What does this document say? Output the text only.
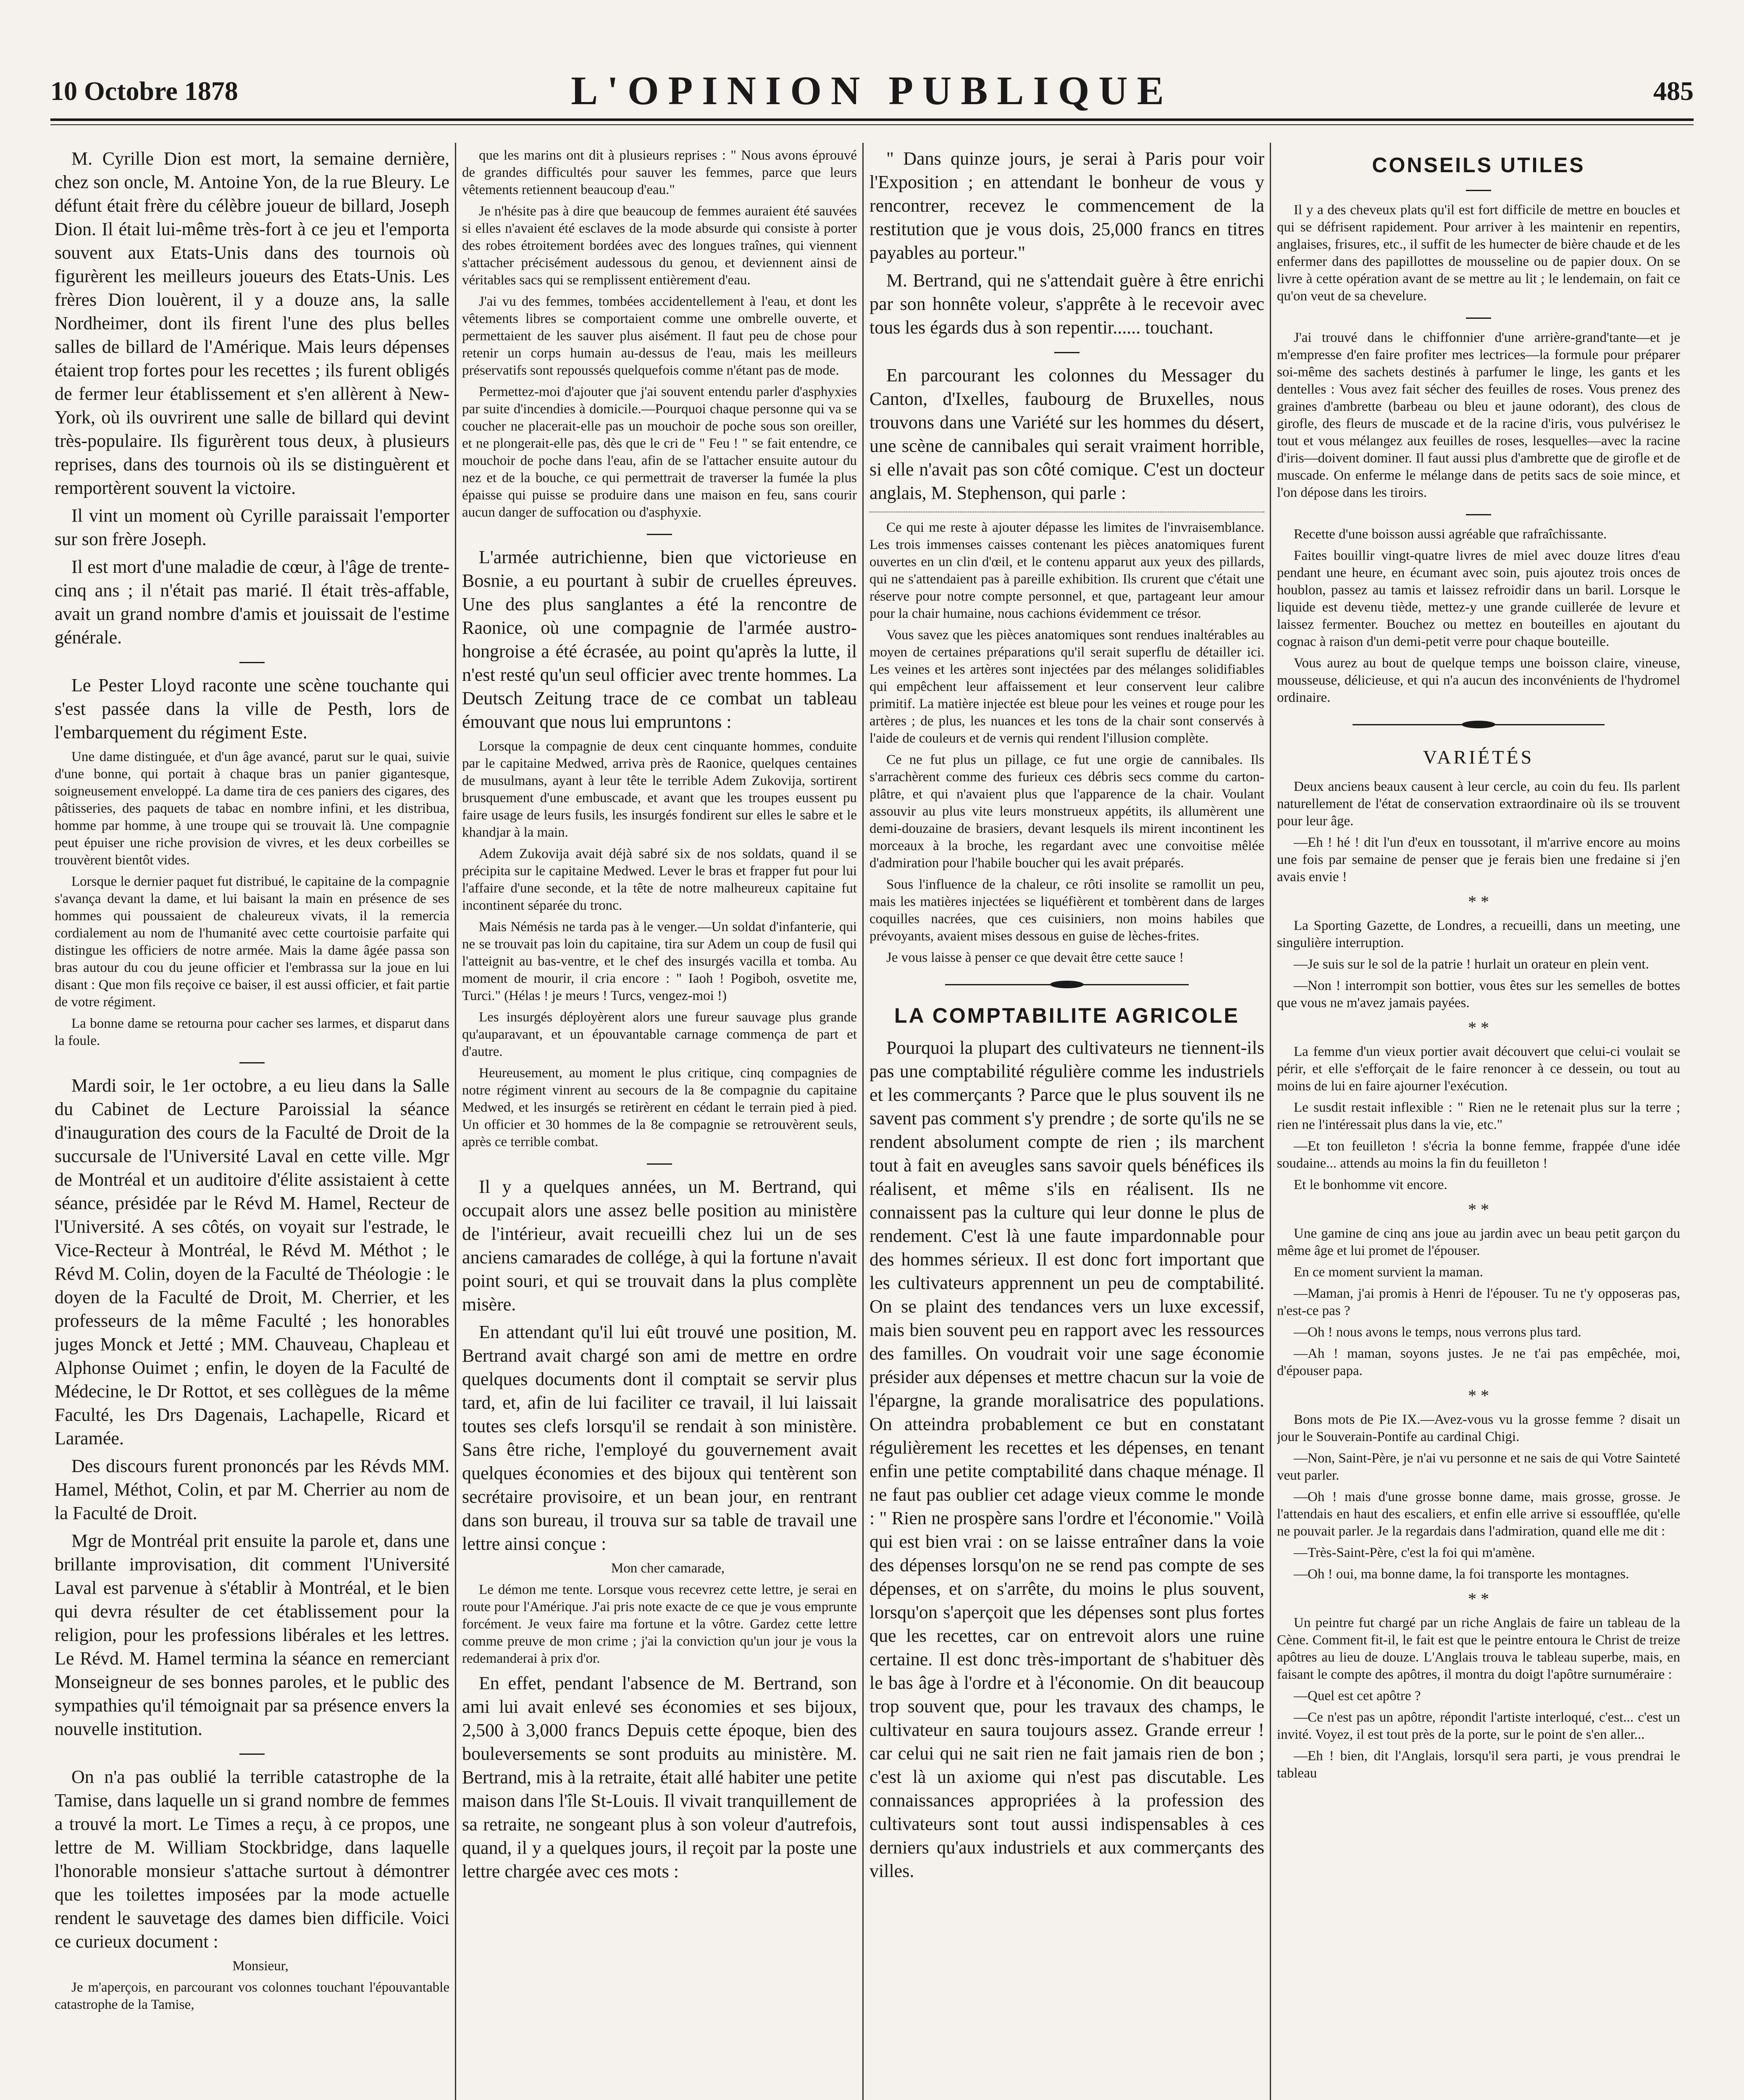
10 Octobre 1878	L'OPINION PUBLIQUE	485

M. Cyrille Dion est mort, la semaine dernière, chez son oncle, M. Antoine Yon, de la rue Bleury. Le défunt était frère du célèbre joueur de billard, Joseph Dion. Il était lui-même très-fort à ce jeu et l'emporta souvent aux Etats-Unis dans des tournois où figurèrent les meilleurs joueurs des Etats-Unis. Les frères Dion louèrent, il y a douze ans, la salle Nordheimer, dont ils firent l'une des plus belles salles de billard de l'Amérique. Mais leurs dépenses étaient trop fortes pour les recettes ; ils furent obligés de fermer leur établissement et s'en allèrent à New-York, où ils ouvrirent une salle de billard qui devint très-populaire. Ils figurèrent tous deux, à plusieurs reprises, dans des tournois où ils se distinguèrent et remportèrent souvent la victoire.

Il vint un moment où Cyrille paraissait l'emporter sur son frère Joseph.

Il est mort d'une maladie de cœur, à l'âge de trente-cinq ans ; il n'était pas marié. Il était très-affable, avait un grand nombre d'amis et jouissait de l'estime générale.

Le Pester Lloyd raconte une scène touchante qui s'est passée dans la ville de Pesth, lors de l'embarquement du régiment Este.

Une dame distinguée, et d'un âge avancé, parut sur le quai, suivie d'une bonne, qui portait à chaque bras un panier gigantesque, soigneusement enveloppé. La dame tira de ces paniers des cigares, des pâtisseries, des paquets de tabac en nombre infini, et les distribua, homme par homme, à une troupe qui se trouvait là. Une compagnie peut épuiser une riche provision de vivres, et les deux corbeilles se trouvèrent bientôt vides.

Lorsque le dernier paquet fut distribué, le capitaine de la compagnie s'avança devant la dame, et lui baisant la main en présence de ses hommes qui poussaient de chaleureux vivats, il la remercia cordialement au nom de l'humanité avec cette courtoisie parfaite qui distingue les officiers de notre armée. Mais la dame âgée passa son bras autour du cou du jeune officier et l'embrassa sur la joue en lui disant : Que mon fils reçoive ce baiser, il est aussi officier, et fait partie de votre régiment.

La bonne dame se retourna pour cacher ses larmes, et disparut dans la foule.

Mardi soir, le 1er octobre, a eu lieu dans la Salle du Cabinet de Lecture Paroissial la séance d'inauguration des cours de la Faculté de Droit de la succursale de l'Université Laval en cette ville. Mgr de Montréal et un auditoire d'élite assistaient à cette séance, présidée par le Révd M. Hamel, Recteur de l'Université. A ses côtés, on voyait sur l'estrade, le Vice-Recteur à Montréal, le Révd M. Méthot ; le Révd M. Colin, doyen de la Faculté de Théologie : le doyen de la Faculté de Droit, M. Cherrier, et les professeurs de la même Faculté ; les honorables juges Monck et Jetté ; MM. Chauveau, Chapleau et Alphonse Ouimet ; enfin, le doyen de la Faculté de Médecine, le Dr Rottot, et ses collègues de la même Faculté, les Drs Dagenais, Lachapelle, Ricard et Laramée.

Des discours furent prononcés par les Révds MM. Hamel, Méthot, Colin, et par M. Cherrier au nom de la Faculté de Droit.

Mgr de Montréal prit ensuite la parole et, dans une brillante improvisation, dit comment l'Université Laval est parvenue à s'établir à Montréal, et le bien qui devra résulter de cet établissement pour la religion, pour les professions libérales et les lettres. Le Révd. M. Hamel termina la séance en remerciant Monseigneur de ses bonnes paroles, et le public des sympathies qu'il témoignait par sa présence envers la nouvelle institution.

On n'a pas oublié la terrible catastrophe de la Tamise, dans laquelle un si grand nombre de femmes a trouvé la mort. Le Times a reçu, à ce propos, une lettre de M. William Stockbridge, dans laquelle l'honorable monsieur s'attache surtout à démontrer que les toilettes imposées par la mode actuelle rendent le sauvetage des dames bien difficile. Voici ce curieux document :

Monsieur,

Je m'aperçois, en parcourant vos colonnes touchant l'épouvantable catastrophe de la Tamise,

que les marins ont dit à plusieurs reprises : " Nous avons éprouvé de grandes difficultés pour sauver les femmes, parce que leurs vêtements retiennent beaucoup d'eau."

Je n'hésite pas à dire que beaucoup de femmes auraient été sauvées si elles n'avaient été esclaves de la mode absurde qui consiste à porter des robes étroitement bordées avec des longues traînes, qui viennent s'attacher précisément audessous du genou, et deviennent ainsi de véritables sacs qui se remplissent entièrement d'eau.

J'ai vu des femmes, tombées accidentellement à l'eau, et dont les vêtements libres se comportaient comme une ombrelle ouverte, et permettaient de les sauver plus aisément. Il faut peu de chose pour retenir un corps humain au-dessus de l'eau, mais les meilleurs préservatifs sont repoussés quelquefois comme n'étant pas de mode.

Permettez-moi d'ajouter que j'ai souvent entendu parler d'asphyxies par suite d'incendies à domicile.—Pourquoi chaque personne qui va se coucher ne placerait-elle pas un mouchoir de poche sous son oreiller, et ne plongerait-elle pas, dès que le cri de " Feu ! " se fait entendre, ce mouchoir de poche dans l'eau, afin de se l'attacher ensuite autour du nez et de la bouche, ce qui permettrait de traverser la fumée la plus épaisse qui puisse se produire dans une maison en feu, sans courir aucun danger de suffocation ou d'asphyxie.

L'armée autrichienne, bien que victorieuse en Bosnie, a eu pourtant à subir de cruelles épreuves. Une des plus sanglantes a été la rencontre de Raonice, où une compagnie de l'armée austro-hongroise a été écrasée, au point qu'après la lutte, il n'est resté qu'un seul officier avec trente hommes. La Deutsch Zeitung trace de ce combat un tableau émouvant que nous lui empruntons :

Lorsque la compagnie de deux cent cinquante hommes, conduite par le capitaine Medwed, arriva près de Raonice, quelques centaines de musulmans, ayant à leur tête le terrible Adem Zukovija, sortirent brusquement d'une embuscade, et avant que les troupes eussent pu faire usage de leurs fusils, les insurgés fondirent sur elles le sabre et le khandjar à la main.

Adem Zukovija avait déjà sabré six de nos soldats, quand il se précipita sur le capitaine Medwed. Lever le bras et frapper fut pour lui l'affaire d'une seconde, et la tête de notre malheureux capitaine fut incontinent séparée du tronc.

Mais Némésis ne tarda pas à le venger.—Un soldat d'infanterie, qui ne se trouvait pas loin du capitaine, tira sur Adem un coup de fusil qui l'atteignit au bas-ventre, et le chef des insurgés vacilla et tomba. Au moment de mourir, il cria encore : " Iaoh ! Pogiboh, osvetite me, Turci." (Hélas ! je meurs ! Turcs, vengez-moi !)

Les insurgés déployèrent alors une fureur sauvage plus grande qu'auparavant, et un épouvantable carnage commença de part et d'autre.

Heureusement, au moment le plus critique, cinq compagnies de notre régiment vinrent au secours de la 8e compagnie du capitaine Medwed, et les insurgés se retirèrent en cédant le terrain pied à pied. Un officier et 30 hommes de la 8e compagnie se retrouvèrent seuls, après ce terrible combat.

Il y a quelques années, un M. Bertrand, qui occupait alors une assez belle position au ministère de l'intérieur, avait recueilli chez lui un de ses anciens camarades de collége, à qui la fortune n'avait point souri, et qui se trouvait dans la plus complète misère.

En attendant qu'il lui eût trouvé une position, M. Bertrand avait chargé son ami de mettre en ordre quelques documents dont il comptait se servir plus tard, et, afin de lui faciliter ce travail, il lui laissait toutes ses clefs lorsqu'il se rendait à son ministère. Sans être riche, l'employé du gouvernement avait quelques économies et des bijoux qui tentèrent son secrétaire provisoire, et un bean jour, en rentrant dans son bureau, il trouva sur sa table de travail une lettre ainsi conçue :

Mon cher camarade,

Le démon me tente. Lorsque vous recevrez cette lettre, je serai en route pour l'Amérique. J'ai pris note exacte de ce que je vous emprunte forcément. Je veux faire ma fortune et la vôtre. Gardez cette lettre comme preuve de mon crime ; j'ai la conviction qu'un jour je vous la redemanderai à prix d'or.

En effet, pendant l'absence de M. Bertrand, son ami lui avait enlevé ses économies et ses bijoux, 2,500 à 3,000 francs Depuis cette époque, bien des bouleversements se sont produits au ministère. M. Bertrand, mis à la retraite, était allé habiter une petite maison dans l'île St-Louis. Il vivait tranquillement de sa retraite, ne songeant plus à son voleur d'autrefois, quand, il y a quelques jours, il reçoit par la poste une lettre chargée avec ces mots :

" Dans quinze jours, je serai à Paris pour voir l'Exposition ; en attendant le bonheur de vous y rencontrer, recevez le commencement de la restitution que je vous dois, 25,000 francs en titres payables au porteur."

M. Bertrand, qui ne s'attendait guère à être enrichi par son honnête voleur, s'apprête à le recevoir avec tous les égards dus à son repentir...... touchant.

En parcourant les colonnes du Messager du Canton, d'Ixelles, faubourg de Bruxelles, nous trouvons dans une Variété sur les hommes du désert, une scène de cannibales qui serait vraiment horrible, si elle n'avait pas son côté comique. C'est un docteur anglais, M. Stephenson, qui parle :

Ce qui me reste à ajouter dépasse les limites de l'invraisemblance. Les trois immenses caisses contenant les pièces anatomiques furent ouvertes en un clin d'œil, et le contenu apparut aux yeux des pillards, qui ne s'attendaient pas à pareille exhibition. Ils crurent que c'était une réserve pour notre compte personnel, et que, partageant leur amour pour la chair humaine, nous cachions évidemment ce trésor.

Vous savez que les pièces anatomiques sont rendues inaltérables au moyen de certaines préparations qu'il serait superflu de détailler ici. Les veines et les artères sont injectées par des mélanges solidifiables qui empêchent leur affaissement et leur conservent leur calibre primitif. La matière injectée est bleue pour les veines et rouge pour les artères ; de plus, les nuances et les tons de la chair sont conservés à l'aide de couleurs et de vernis qui rendent l'illusion complète.

Ce ne fut plus un pillage, ce fut une orgie de cannibales. Ils s'arrachèrent comme des furieux ces débris secs comme du carton-plâtre, et qui n'avaient plus que l'apparence de la chair. Voulant assouvir au plus vite leurs monstrueux appétits, ils allumèrent une demi-douzaine de brasiers, devant lesquels ils mirent incontinent les morceaux à la broche, les regardant avec une convoitise mêlée d'admiration pour l'habile boucher qui les avait préparés.

Sous l'influence de la chaleur, ce rôti insolite se ramollit un peu, mais les matières injectées se liquéfièrent et tombèrent dans de larges coquilles nacrées, que ces cuisiniers, non moins habiles que prévoyants, avaient mises dessous en guise de lèches-frites.

Je vous laisse à penser ce que devait être cette sauce !

LA COMPTABILITE AGRICOLE

Pourquoi la plupart des cultivateurs ne tiennent-ils pas une comptabilité régulière comme les industriels et les commerçants ? Parce que le plus souvent ils ne savent pas comment s'y prendre ; de sorte qu'ils ne se rendent absolument compte de rien ; ils marchent tout à fait en aveugles sans savoir quels bénéfices ils réalisent, et même s'ils en réalisent. Ils ne connaissent pas la culture qui leur donne le plus de rendement. C'est là une faute impardonnable pour des hommes sérieux. Il est donc fort important que les cultivateurs apprennent un peu de comptabilité. On se plaint des tendances vers un luxe excessif, mais bien souvent peu en rapport avec les ressources des familles. On voudrait voir une sage économie présider aux dépenses et mettre chacun sur la voie de l'épargne, la grande moralisatrice des populations. On atteindra probablement ce but en constatant régulièrement les recettes et les dépenses, en tenant enfin une petite comptabilité dans chaque ménage. Il ne faut pas oublier cet adage vieux comme le monde : " Rien ne prospère sans l'ordre et l'économie." Voilà qui est bien vrai : on se laisse entraîner dans la voie des dépenses lorsqu'on ne se rend pas compte de ses dépenses, et on s'arrête, du moins le plus souvent, lorsqu'on s'aperçoit que les dépenses sont plus fortes que les recettes, car on entrevoit alors une ruine certaine. Il est donc très-important de s'habituer dès le bas âge à l'ordre et à l'économie. On dit beaucoup trop souvent que, pour les travaux des champs, le cultivateur en saura toujours assez. Grande erreur ! car celui qui ne sait rien ne fait jamais rien de bon ; c'est là un axiome qui n'est pas discutable. Les connaissances appropriées à la profession des cultivateurs sont tout aussi indispensables à ces derniers qu'aux industriels et aux commerçants des villes.

CONSEILS UTILES

Il y a des cheveux plats qu'il est fort difficile de mettre en boucles et qui se défrisent rapidement. Pour arriver à les maintenir en repentirs, anglaises, frisures, etc., il suffit de les humecter de bière chaude et de les enfermer dans des papillottes de mousseline ou de papier doux. On se livre à cette opération avant de se mettre au lit ; le lendemain, on fait ce qu'on veut de sa chevelure.

J'ai trouvé dans le chiffonnier d'une arrière-grand'tante—et je m'empresse d'en faire profiter mes lectrices—la formule pour préparer soi-même des sachets destinés à parfumer le linge, les gants et les dentelles : Vous avez fait sécher des feuilles de roses. Vous prenez des graines d'ambrette (barbeau ou bleu et jaune odorant), des clous de girofle, des fleurs de muscade et de la racine d'iris, vous pulvérisez le tout et vous mélangez aux feuilles de roses, lesquelles—avec la racine d'iris—doivent dominer. Il faut aussi plus d'ambrette que de girofle et de muscade. On enferme le mélange dans de petits sacs de soie mince, et l'on dépose dans les tiroirs.

Recette d'une boisson aussi agréable que rafraîchissante.

Faites bouillir vingt-quatre livres de miel avec douze litres d'eau pendant une heure, en écumant avec soin, puis ajoutez trois onces de houblon, passez au tamis et laissez refroidir dans un baril. Lorsque le liquide est devenu tiède, mettez-y une grande cuillerée de levure et laissez fermenter. Bouchez ou mettez en bouteilles en ajoutant du cognac à raison d'un demi-petit verre pour chaque bouteille.

Vous aurez au bout de quelque temps une boisson claire, vineuse, mousseuse, délicieuse, et qui n'a aucun des inconvénients de l'hydromel ordinaire.

VARIÉTÉS

Deux anciens beaux causent à leur cercle, au coin du feu. Ils parlent naturellement de l'état de conservation extraordinaire où ils se trouvent pour leur âge.

—Eh ! hé ! dit l'un d'eux en toussotant, il m'arrive encore au moins une fois par semaine de penser que je ferais bien une fredaine si j'en avais envie !

* *

La Sporting Gazette, de Londres, a recueilli, dans un meeting, une singulière interruption.

—Je suis sur le sol de la patrie ! hurlait un orateur en plein vent.

—Non ! interrompit son bottier, vous êtes sur les semelles de bottes que vous ne m'avez jamais payées.

* *

La femme d'un vieux portier avait découvert que celui-ci voulait se périr, et elle s'efforçait de le faire renoncer à ce dessein, ou tout au moins de lui en faire ajourner l'exécution.

Le susdit restait inflexible : " Rien ne le retenait plus sur la terre ; rien ne l'intéressait plus dans la vie, etc."

—Et ton feuilleton ! s'écria la bonne femme, frappée d'une idée soudaine... attends au moins la fin du feuilleton !

Et le bonhomme vit encore.

* *

Une gamine de cinq ans joue au jardin avec un beau petit garçon du même âge et lui promet de l'épouser.

En ce moment survient la maman.

—Maman, j'ai promis à Henri de l'épouser. Tu ne t'y opposeras pas, n'est-ce pas ?

—Oh ! nous avons le temps, nous verrons plus tard.

—Ah ! maman, soyons justes. Je ne t'ai pas empêchée, moi, d'épouser papa.

* *

Bons mots de Pie IX.—Avez-vous vu la grosse femme ? disait un jour le Souverain-Pontife au cardinal Chigi.

—Non, Saint-Père, je n'ai vu personne et ne sais de qui Votre Sainteté veut parler.

—Oh ! mais d'une grosse bonne dame, mais grosse, grosse. Je l'attendais en haut des escaliers, et enfin elle arrive si essoufflée, qu'elle ne pouvait parler. Je la regardais dans l'admiration, quand elle me dit :

—Très-Saint-Père, c'est la foi qui m'amène.

—Oh ! oui, ma bonne dame, la foi transporte les montagnes.

* *

Un peintre fut chargé par un riche Anglais de faire un tableau de la Cène. Comment fit-il, le fait est que le peintre entoura le Christ de treize apôtres au lieu de douze. L'Anglais trouva le tableau superbe, mais, en faisant le compte des apôtres, il montra du doigt l'apôtre surnuméraire :

—Quel est cet apôtre ?

—Ce n'est pas un apôtre, répondit l'artiste interloqué, c'est... c'est un invité. Voyez, il est tout près de la porte, sur le point de s'en aller...

—Eh ! bien, dit l'Anglais, lorsqu'il sera parti, je vous prendrai le tableau
